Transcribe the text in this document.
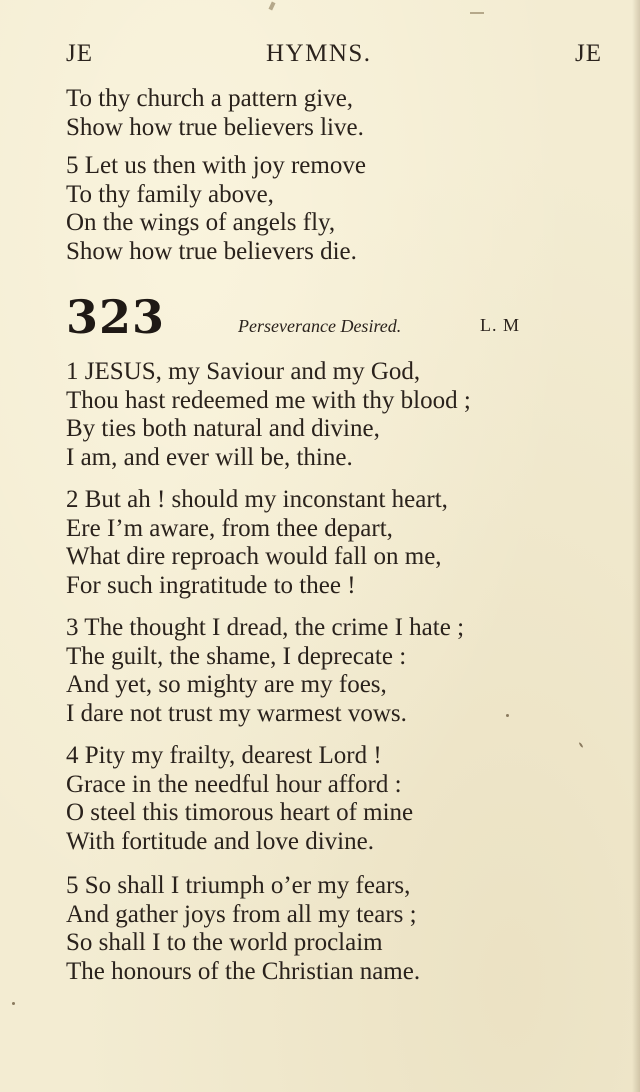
JE	HYMNS.	JE
To thy church a pattern give,
Show how true believers live.
5 Let us then with joy remove
To thy family above,
On the wings of angels fly,
Show how true believers die.
323	Perseverance Desired.	L. M
1 JESUS, my Saviour and my God,
Thou hast redeemed me with thy blood ;
By ties both natural and divine,
I am, and ever will be, thine.
2 But ah ! should my inconstant heart,
Ere I’m aware, from thee depart,
What dire reproach would fall on me,
For such ingratitude to thee !
3 The thought I dread, the crime I hate ;
The guilt, the shame, I deprecate :
And yet, so mighty are my foes,
I dare not trust my warmest vows.
4 Pity my frailty, dearest Lord !
Grace in the needful hour afford :
O steel this timorous heart of mine
With fortitude and love divine.
5 So shall I triumph o’er my fears,
And gather joys from all my tears ;
So shall I to the world proclaim
The honours of the Christian name.
